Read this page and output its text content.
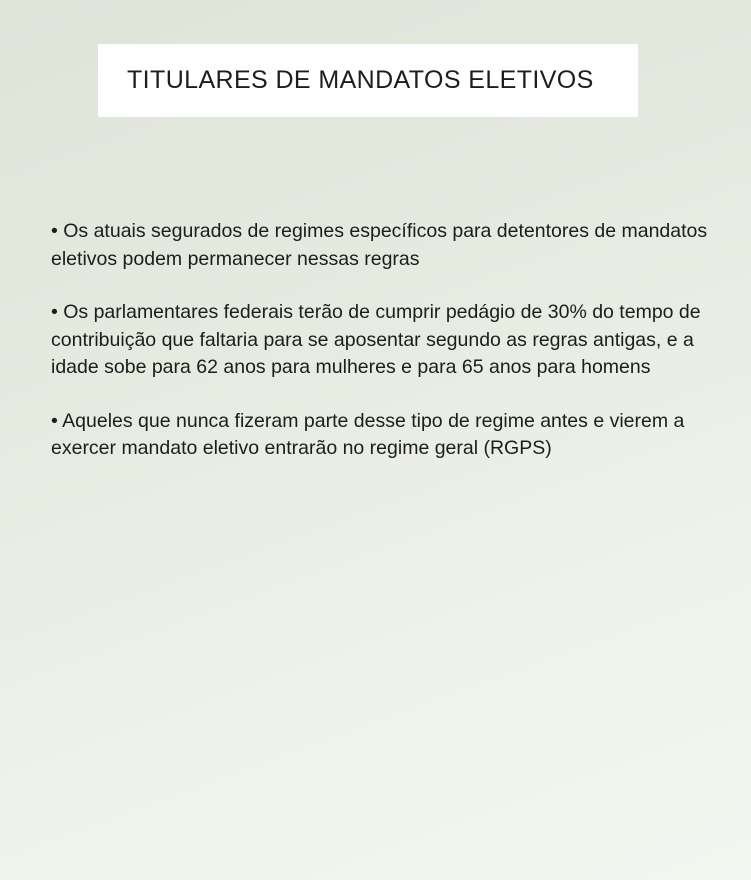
TITULARES DE MANDATOS ELETIVOS

• Os atuais segurados de regimes específicos para detentores de mandatos eletivos podem permanecer nessas regras

• Os parlamentares federais terão de cumprir pedágio de 30% do tempo de contribuição que faltaria para se aposentar segundo as regras antigas, e a idade sobe para 62 anos para mulheres e para 65 anos para homens

• Aqueles que nunca fizeram parte desse tipo de regime antes e vierem a exercer mandato eletivo entrarão no regime geral (RGPS)
